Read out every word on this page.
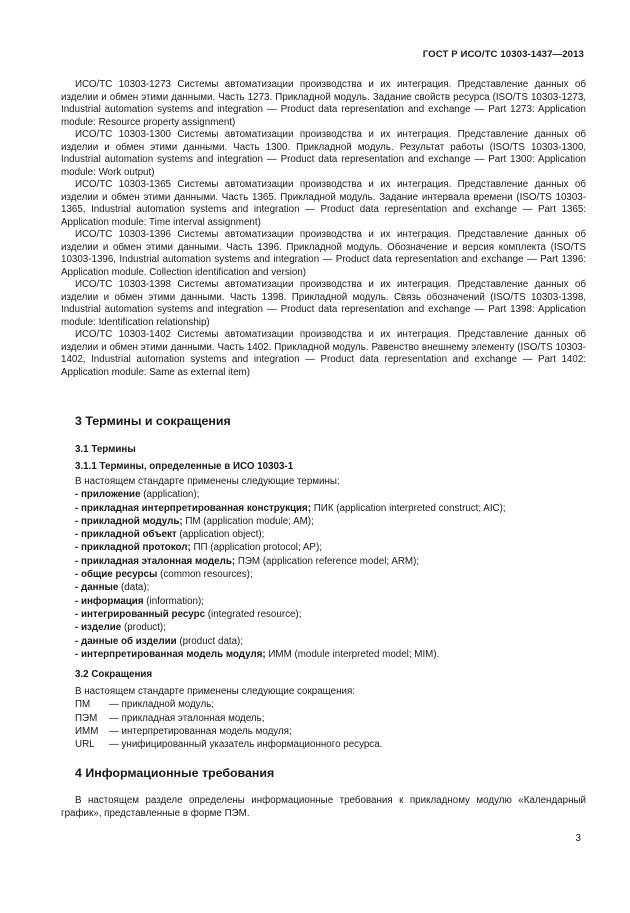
ГОСТ Р ИСО/ТС 10303-1437—2013

ИСО/ТС 10303-1273 Системы автоматизации производства и их интеграция. Представление данных об изделии и обмен этими данными. Часть 1273. Прикладной модуль. Задание свойств ресурса (ISO/TS 10303-1273, Industrial automation systems and integration — Product data representation and exchange — Part 1273: Application module: Resource property assignment)

ИСО/ТС 10303-1300 Системы автоматизации производства и их интеграция. Представление данных об изделии и обмен этими данными. Часть 1300. Прикладной модуль. Результат работы (ISO/TS 10303-1300, Industrial automation systems and integration — Product data representation and exchange — Part 1300: Application module: Work output)

ИСО/ТС 10303-1365 Системы автоматизации производства и их интеграция. Представление данных об изделии и обмен этими данными. Часть 1365. Прикладной модуль. Задание интервала времени (ISO/TS 10303-1365, Industrial automation systems and integration — Product data representation and exchange — Part 1365: Application module: Time interval assignment)

ИСО/ТС 10303-1396 Системы автоматизации производства и их интеграция. Представление данных об изделии и обмен этими данными. Часть 1396. Прикладной модуль. Обозначение и версия комплекта (ISO/TS 10303-1396, Industrial automation systems and integration — Product data representation and exchange — Part 1396: Application module. Collection identification and version)

ИСО/ТС 10303-1398 Системы автоматизации производства и их интеграция. Представление данных об изделии и обмен этими данными. Часть 1398. Прикладной модуль. Связь обозначений (ISO/TS 10303-1398, Industrial automation systems and integration — Product data representation and exchange — Part 1398: Application module: Identification relationship)

ИСО/ТС 10303-1402 Системы автоматизации производства и их интеграция. Представление данных об изделии и обмен этими данными. Часть 1402. Прикладной модуль. Равенство внешнему элементу (ISO/TS 10303-1402, Industrial automation systems and integration — Product data representation and exchange — Part 1402: Application module: Same as external item)

3 Термины и сокращения
3.1 Термины
3.1.1 Термины, определенные в ИСО 10303-1
В настоящем стандарте применены следующие термины:
- приложение (application);
- прикладная интерпретированная конструкция; ПИК (application interpreted construct; AIC);
- прикладной модуль; ПМ (application module; AM);
- прикладной объект (application object);
- прикладной протокол; ПП (application protocol; AP);
- прикладная эталонная модель; ПЭМ (application reference model; ARM);
- общие ресурсы (common resources);
- данные (data);
- информация (information);
- интегрированный ресурс (integrated resource);
- изделие (product);
- данные об изделии (product data);
- интерпретированная модель модуля; ИММ (module interpreted model; MIM).
3.2 Сокращения
В настоящем стандарте применены следующие сокращения:
ПМ	— прикладной модуль;
ПЭМ	— прикладная эталонная модель;
ИММ	— интерпретированная модель модуля;
URL	— унифицированный указатель информационного ресурса.
4 Информационные требования

В настоящем разделе определены информационные требования к прикладному модулю «Календарный график», представленные в форме ПЭМ.

3
